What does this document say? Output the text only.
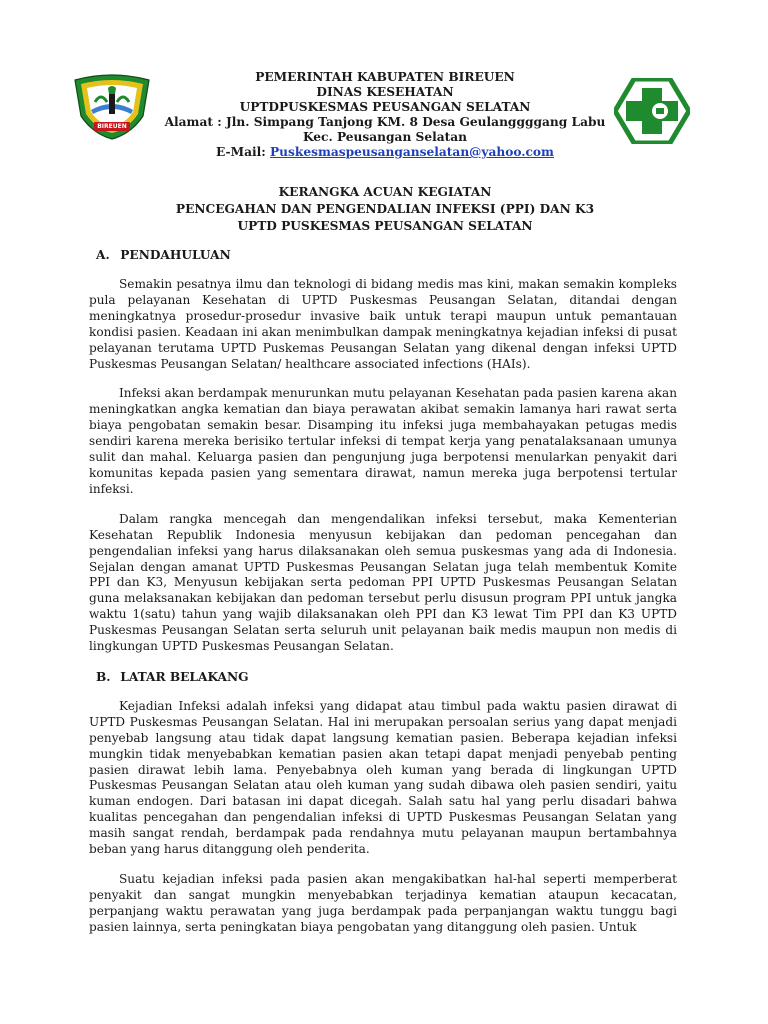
BIREUEN
PEMERINTAH KABUPATEN BIREUEN
DINAS KESEHATAN
UPTDPUSKESMAS PEUSANGAN SELATAN
Alamat : Jln. Simpang Tanjong KM. 8 Desa Geulanggggang Labu
Kec. Peusangan Selatan
E-Mail: Puskesmaspeusanganselatan@yahoo.com
KERANGKA ACUAN KEGIATAN
PENCEGAHAN DAN PENGENDALIAN INFEKSI (PPI) DAN K3
UPTD PUSKESMAS PEUSANGAN SELATAN
A. PENDAHULUAN

Semakin pesatnya ilmu dan teknologi di bidang medis mas kini, makan semakin kompleks pula pelayanan Kesehatan di UPTD Puskesmas Peusangan Selatan, ditandai dengan meningkatnya prosedur-prosedur invasive baik untuk terapi maupun untuk pemantauan kondisi pasien. Keadaan ini akan menimbulkan dampak meningkatnya kejadian infeksi di pusat pelayanan terutama UPTD Puskemas Peusangan Selatan yang dikenal dengan infeksi UPTD Puskesmas Peusangan Selatan/ healthcare associated infections (HAIs).

Infeksi akan berdampak menurunkan mutu pelayanan Kesehatan pada pasien karena akan meningkatkan angka kematian dan biaya perawatan akibat semakin lamanya hari rawat serta biaya pengobatan semakin besar. Disamping itu infeksi juga membahayakan petugas medis sendiri karena mereka berisiko tertular infeksi di tempat kerja yang penatalaksanaan umunya sulit dan mahal. Keluarga pasien dan pengunjung juga berpotensi menularkan penyakit dari komunitas kepada pasien yang sementara dirawat, namun mereka juga berpotensi tertular infeksi.

Dalam rangka mencegah dan mengendalikan infeksi tersebut, maka Kementerian Kesehatan Republik Indonesia menyusun kebijakan dan pedoman pencegahan dan pengendalian infeksi yang harus dilaksanakan oleh semua puskesmas yang ada di Indonesia. Sejalan dengan amanat UPTD Puskesmas Peusangan Selatan juga telah membentuk Komite PPI dan K3, Menyusun kebijakan serta pedoman PPI UPTD Puskesmas Peusangan Selatan guna melaksanakan kebijakan dan pedoman tersebut perlu disusun program PPI untuk jangka waktu 1(satu) tahun yang wajib dilaksanakan oleh PPI dan K3 lewat Tim PPI dan K3 UPTD Puskesmas Peusangan Selatan serta seluruh unit pelayanan baik medis maupun non medis di lingkungan UPTD Puskesmas Peusangan Selatan.

B. LATAR BELAKANG

Kejadian Infeksi adalah infeksi yang didapat atau timbul pada waktu pasien dirawat di UPTD Puskesmas Peusangan Selatan. Hal ini merupakan persoalan serius yang dapat menjadi penyebab langsung atau tidak dapat langsung kematian pasien. Beberapa kejadian infeksi mungkin tidak menyebabkan kematian pasien akan tetapi dapat menjadi penyebab penting pasien dirawat lebih lama. Penyebabnya oleh kuman yang berada di lingkungan UPTD Puskesmas Peusangan Selatan atau oleh kuman yang sudah dibawa oleh pasien sendiri, yaitu kuman endogen. Dari batasan ini dapat dicegah. Salah satu hal yang perlu disadari bahwa kualitas pencegahan dan pengendalian infeksi di UPTD Puskesmas Peusangan Selatan yang masih sangat rendah, berdampak pada rendahnya mutu pelayanan maupun bertambahnya beban yang harus ditanggung oleh penderita.

Suatu kejadian infeksi pada pasien akan mengakibatkan hal-hal seperti memperberat penyakit dan sangat mungkin menyebabkan terjadinya kematian ataupun kecacatan, perpanjang waktu perawatan yang juga berdampak pada perpanjangan waktu tunggu bagi pasien lainnya, serta peningkatan biaya pengobatan yang ditanggung oleh pasien. Untuk
